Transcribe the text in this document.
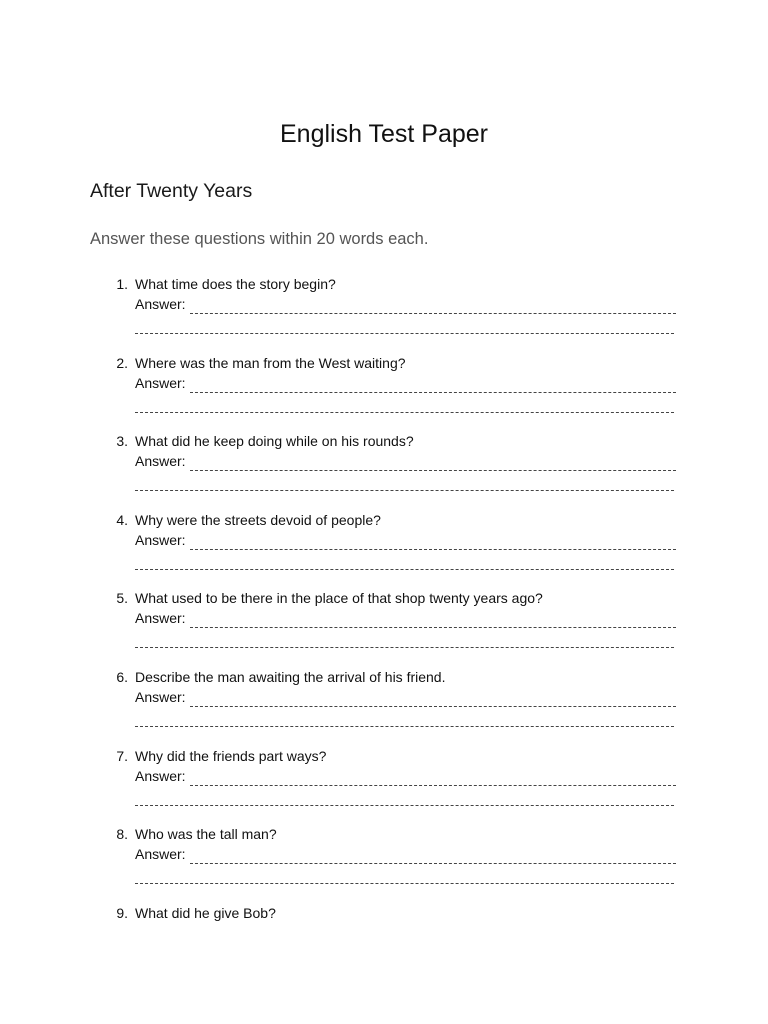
English Test Paper
After Twenty Years
Answer these questions within 20 words each.
1. What time does the story begin?
Answer:
2. Where was the man from the West waiting?
Answer:
3. What did he keep doing while on his rounds?
Answer:
4. Why were the streets devoid of people?
Answer:
5. What used to be there in the place of that shop twenty years ago?
Answer:
6. Describe the man awaiting the arrival of his friend.
Answer:
7. Why did the friends part ways?
Answer:
8. Who was the tall man?
Answer:
9. What did he give Bob?
